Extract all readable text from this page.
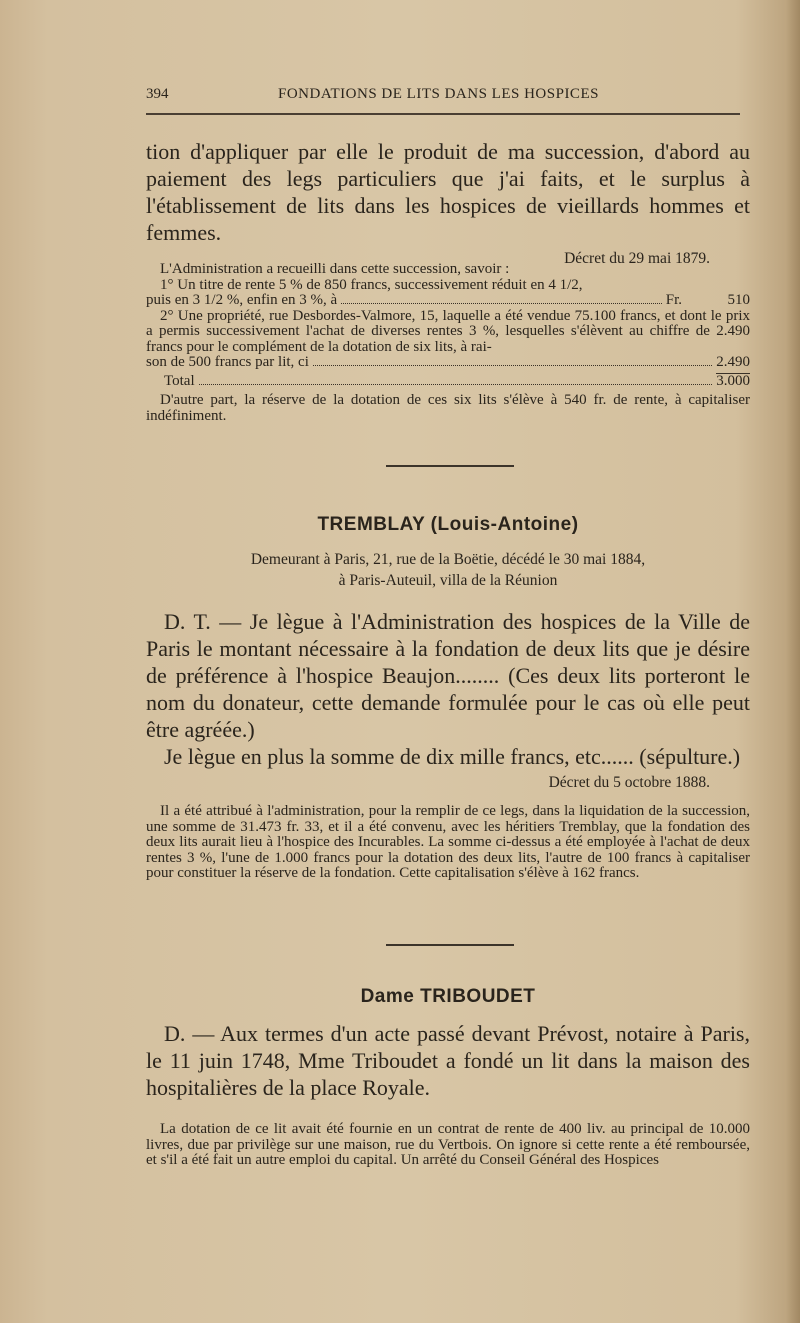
394	FONDATIONS DE LITS DANS LES HOSPICES

tion d'appliquer par elle le produit de ma succession, d'abord au paiement des legs particuliers que j'ai faits, et le surplus à l'établissement de lits dans les hospices de vieillards hommes et femmes.

Décret du 29 mai 1879.

L'Administration a recueilli dans cette succession, savoir :

1° Un titre de rente 5 % de 850 francs, successivement réduit en 4 1/2,

puis en 3 1/2 %, enfin en 3 %, à	Fr.	510

2° Une propriété, rue Desbordes-Valmore, 15, laquelle a été vendue 75.100 francs, et dont le prix a permis successivement l'achat de diverses rentes 3 %, lesquelles s'élèvent au chiffre de 2.490 francs pour le complément de la dotation de six lits, à rai-

son de 500 francs par lit, ci	2.490
Total	3.000

D'autre part, la réserve de la dotation de ces six lits s'élève à 540 fr. de rente, à capitaliser indéfiniment.

TREMBLAY (Louis-Antoine)

Demeurant à Paris, 21, rue de la Boëtie, décédé le 30 mai 1884,

à Paris-Auteuil, villa de la Réunion

D. T. — Je lègue à l'Administration des hospices de la Ville de Paris le montant nécessaire à la fondation de deux lits que je désire de préférence à l'hospice Beaujon........ (Ces deux lits porteront le nom du donateur, cette demande formulée pour le cas où elle peut être agréée.)

Je lègue en plus la somme de dix mille francs, etc...... (sépulture.)

Décret du 5 octobre 1888.

Il a été attribué à l'administration, pour la remplir de ce legs, dans la liquidation de la succession, une somme de 31.473 fr. 33, et il a été convenu, avec les héritiers Tremblay, que la fondation des deux lits aurait lieu à l'hospice des Incurables. La somme ci-dessus a été employée à l'achat de deux rentes 3 %, l'une de 1.000 francs pour la dotation des deux lits, l'autre de 100 francs à capitaliser pour constituer la réserve de la fondation. Cette capitalisation s'élève à 162 francs.

Dame TRIBOUDET

D. — Aux termes d'un acte passé devant Prévost, notaire à Paris, le 11 juin 1748, Mme Triboudet a fondé un lit dans la maison des hospitalières de la place Royale.

La dotation de ce lit avait été fournie en un contrat de rente de 400 liv. au principal de 10.000 livres, due par privilège sur une maison, rue du Vertbois. On ignore si cette rente a été remboursée, et s'il a été fait un autre emploi du capital. Un arrêté du Conseil Général des Hospices
